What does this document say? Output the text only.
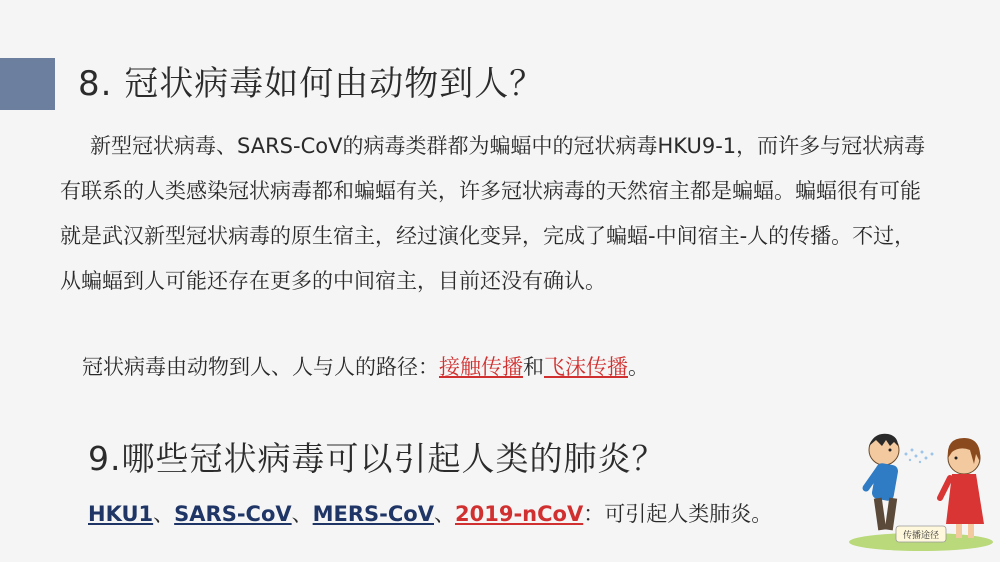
8. 冠状病毒如何由动物到人？

新型冠状病毒、SARS-CoV的病毒类群都为蝙蝠中的冠状病毒HKU9-1，而许多与冠状病毒有联系的人类感染冠状病毒都和蝙蝠有关，许多冠状病毒的天然宿主都是蝙蝠。蝙蝠很有可能就是武汉新型冠状病毒的原生宿主，经过演化变异，完成了蝙蝠-中间宿主-人的传播。不过，从蝙蝠到人可能还存在更多的中间宿主，目前还没有确认。

冠状病毒由动物到人、人与人的路径：接触传播和飞沫传播。

9.哪些冠状病毒可以引起人类的肺炎？

HKU1、SARS-CoV、MERS-CoV、2019-nCoV：可引起人类肺炎。

传播途径
